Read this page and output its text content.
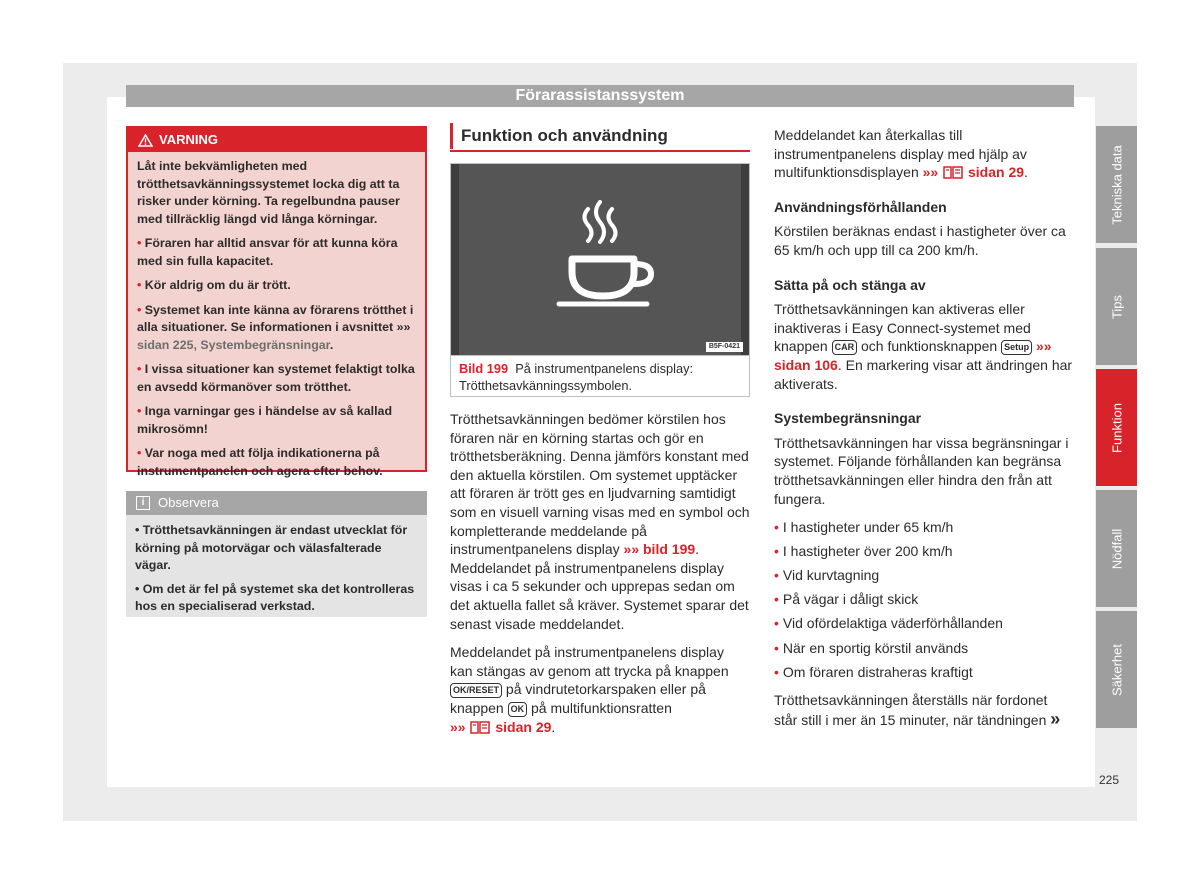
Förarassistanssystem
VARNING

Låt inte bekvämligheten med trötthetsavkänningssystemet locka dig att ta risker under körning. Ta regelbundna pauser med tillräcklig längd vid långa körningar.

• Föraren har alltid ansvar för att kunna köra med sin fulla kapacitet.

• Kör aldrig om du är trött.

• Systemet kan inte känna av förarens trötthet i alla situationer. Se informationen i avsnittet »» sidan 225, Systembegränsningar.

• I vissa situationer kan systemet felaktigt tolka en avsedd körmanöver som trötthet.

• Inga varningar ges i händelse av så kallad mikrosömn!

• Var noga med att följa indikationerna på instrumentpanelen och agera efter behov.

i	Observera

• Trötthetsavkänningen är endast utvecklat för körning på motorvägar och välasfalterade vägar.

• Om det är fel på systemet ska det kontrolleras hos en specialiserad verkstad.

Funktion och användning
B5F-0421
Bild 199 På instrumentpanelens display: Trötthetsavkänningssymbolen.

Trötthetsavkänningen bedömer körstilen hos föraren när en körning startas och gör en trötthetsberäkning. Denna jämförs konstant med den aktuella körstilen. Om systemet upptäcker att föraren är trött ges en ljudvarning samtidigt som en visuell varning visas med en symbol och kompletterande meddelande på instrumentpanelens display »» bild 199. Meddelandet på instrumentpanelens display visas i ca 5 sekunder och upprepas sedan om det aktuella fallet så kräver. Systemet sparar det senast visade meddelandet.

Meddelandet på instrumentpanelens display kan stängas av genom att trycka på knappen OK/RESET på vindrutetorkarspaken eller på knappen OK på multifunktionsratten
»» sidan 29.

Meddelandet kan återkallas till instrumentpanelens display med hjälp av multifunktionsdisplayen »» sidan 29.

Användningsförhållanden

Körstilen beräknas endast i hastigheter över ca 65 km/h och upp till ca 200 km/h.

Sätta på och stänga av

Trötthetsavkänningen kan aktiveras eller inaktiveras i Easy Connect-systemet med knappen CAR och funktionsknappen Setup »» sidan 106. En markering visar att ändringen har aktiverats.

Systembegränsningar

Trötthetsavkänningen har vissa begränsningar i systemet. Följande förhållanden kan begränsa trötthetsavkänningen eller hindra den från att fungera.

• I hastigheter under 65 km/h
• I hastigheter över 200 km/h
• Vid kurvtagning
• På vägar i dåligt skick
• Vid ofördelaktiga väderförhållanden
• När en sportig körstil används
• Om föraren distraheras kraftigt

Trötthetsavkänningen återställs när fordonet står still i mer än 15 minuter, när tändningen »

Tekniska data
Tips
Funktion
Nödfall
Säkerhet
225
